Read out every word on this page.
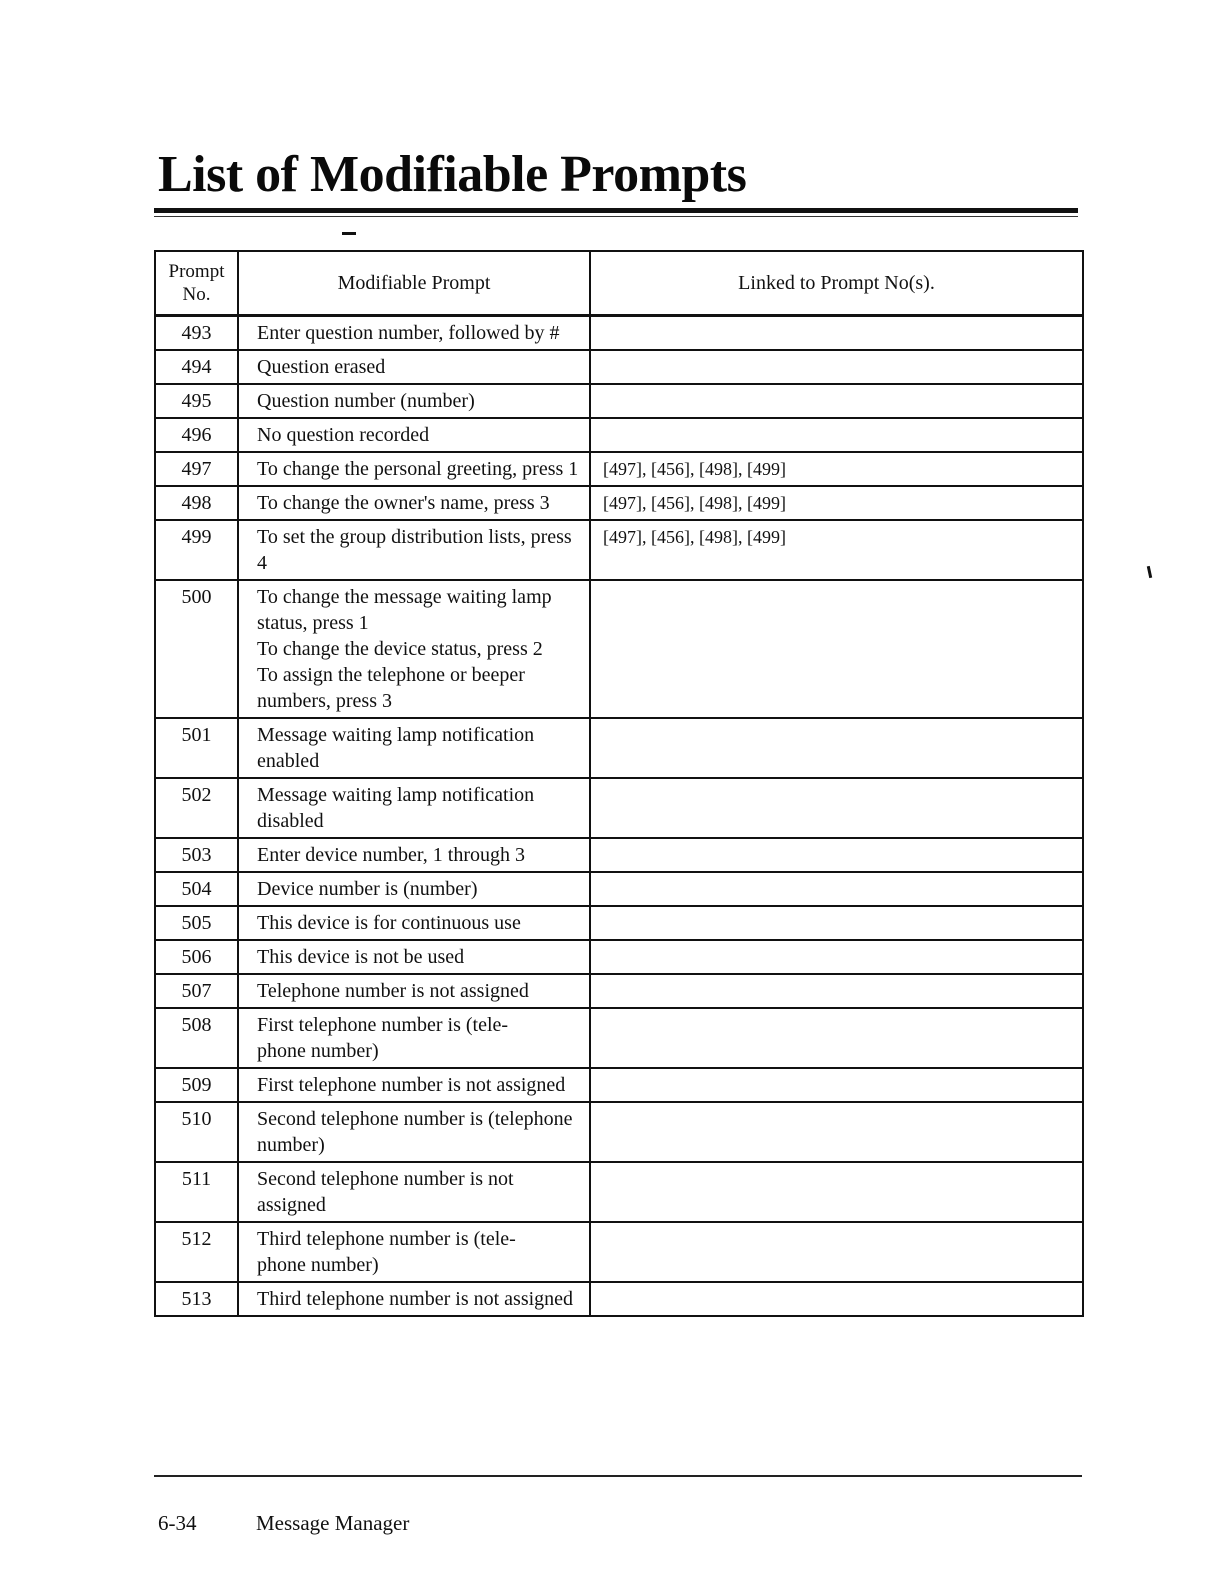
List of Modifiable Prompts
Prompt No.	Modifiable Prompt	Linked to Prompt No(s).
493	Enter question number, followed by #	
494	Question erased	
495	Question number (number)	
496	No question recorded	
497	To change the personal greeting, press 1	[497], [456], [498], [499]
498	To change the owner's name, press 3	[497], [456], [498], [499]
499	To set the group distribution lists, press 4	[497], [456], [498], [499]
500	To change the message waiting lamp status, press 1
To change the device status, press 2
To assign the telephone or beeper numbers, press 3	
501	Message waiting lamp notification enabled	
502	Message waiting lamp notification disabled	
503	Enter device number, 1 through 3	
504	Device number is (number)	
505	This device is for continuous use	
506	This device is not be used	
507	Telephone number is not assigned	
508	First telephone number is (tele-
phone number)	
509	First telephone number is not assigned	
510	Second telephone number is (telephone number)	
511	Second telephone number is not assigned	
512	Third telephone number is (tele-
phone number)	
513	Third telephone number is not assigned	
6-34	Message Manager
